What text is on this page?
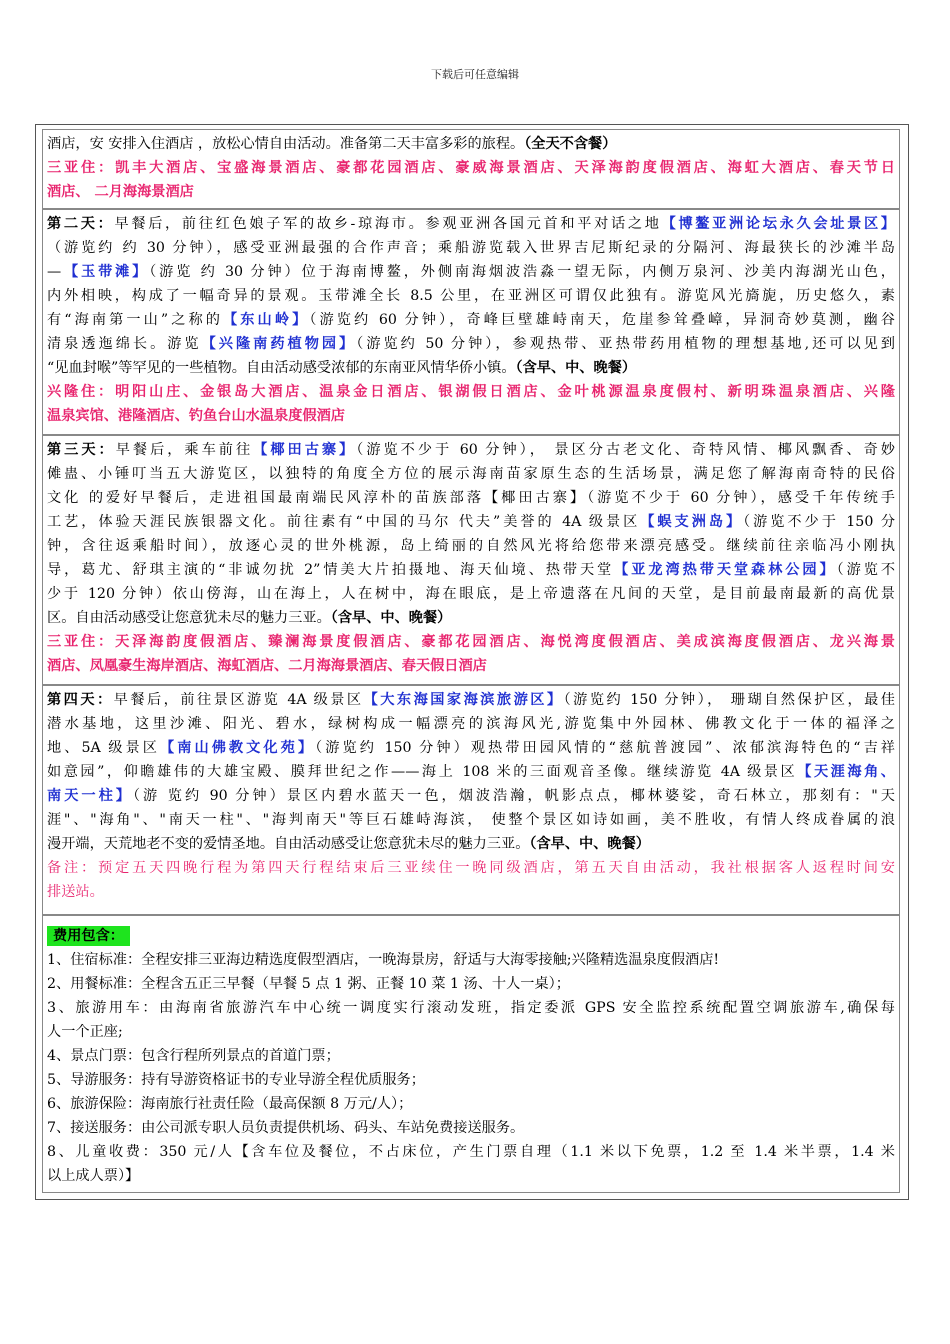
下载后可任意编辑
酒店，安 安排入住酒店 ，放松心情自由活动。准备第二天丰富多彩的旅程。（全天不含餐）
三亚住：凯丰大酒店、宝盛海景酒店、豪都花园酒店、豪威海景酒店、天泽海韵度假酒店、海虹大酒店、春天节日
酒店、 二月海海景酒店
第二天：早餐后，前往红色娘子军的故乡-琼海市。参观亚洲各国元首和平对话之地【博鳌亚洲论坛永久会址景区】
（游览约 约 30 分钟），感受亚洲最强的合作声音；乘船游览载入世界吉尼斯纪录的分隔河、海最狭长的沙滩半岛
—【玉带滩】（游览 约 30 分钟）位于海南博鳌，外侧南海烟波浩淼一望无际，内侧万泉河、沙美内海湖光山色，
内外相映，构成了一幅奇异的景观。玉带滩全长 8.5 公里，在亚洲区可谓仅此独有。游览风光旖旎，历史悠久，素
有“海南第一山”之称的【东山岭】（游览约 60 分钟），奇峰巨壁雄峙南天，危崖参耸叠嶂，异洞奇妙莫测，幽谷
清泉透迤绵长。游览【兴隆南药植物园】（游览约 50 分钟），参观热带、亚热带药用植物的理想基地,还可以见到
“见血封喉”等罕见的一些植物。自由活动感受浓郁的东南亚风情华侨小镇。（含早、中、晚餐）
兴隆住：明阳山庄、金银岛大酒店、温泉金日酒店、银湖假日酒店、金叶桃源温泉度假村、新明珠温泉酒店、兴隆
温泉宾馆、港隆酒店、钓鱼台山水温泉度假酒店
第三天：早餐后，乘车前往【椰田古寨】（游览不少于 60 分钟）， 景区分古老文化、奇特风情、椰风飘香、奇妙
傩蛊、小锤叮当五大游览区，以独特的角度全方位的展示海南苗家原生态的生活场景，满足您了解海南奇特的民俗
文化 的爱好早餐后，走进祖国最南端民风淳朴的苗族部落【椰田古寨】（游览不少于 60 分钟），感受千年传统手
工艺，体验天涯民族银器文化。前往素有“中国的马尔 代夫”美誉的 4A 级景区【蜈支洲岛】（游览不少于 150 分
钟，含往返乘船时间），放逐心灵的世外桃源，岛上绮丽的自然风光将给您带来漂亮感受。继续前往亲临冯小刚执
导，葛尤、舒琪主演的“非诚勿扰 2”情美大片拍摄地、海天仙境、热带天堂【亚龙湾热带天堂森林公园】（游览不
少于 120 分钟）依山傍海，山在海上，人在树中，海在眼底，是上帝遗落在凡间的天堂，是目前最南最新的高优景
区。自由活动感受让您意犹未尽的魅力三亚。（含早、中、晚餐）
三亚住：天泽海韵度假酒店、臻澜海景度假酒店、豪都花园酒店、海悦湾度假酒店、美成滨海度假酒店、龙兴海景
酒店、凤凰豪生海岸酒店、海虹酒店、二月海海景酒店、春天假日酒店
第四天：早餐后，前往景区游览 4A 级景区【大东海国家海滨旅游区】（游览约 150 分钟）， 珊瑚自然保护区，最佳
潜水基地，这里沙滩、阳光、碧水，绿树构成一幅漂亮的滨海风光,游览集中外园林、佛教文化于一体的福泽之
地、5A 级景区【南山佛教文化苑】（游览约 150 分钟）观热带田园风情的“慈航普渡园”、浓郁滨海特色的“吉祥
如意园”，仰瞻雄伟的大雄宝殿、膜拜世纪之作——海上 108 米的三面观音圣像。继续游览 4A 级景区【天涯海角、
南天一柱】（游 览约 90 分钟）景区内碧水蓝天一色，烟波浩瀚，帆影点点，椰林婆娑，奇石林立，那刻有："天
涯"、"海角"、"南天一柱"、"海判南天"等巨石雄峙海滨， 使整个景区如诗如画，美不胜收，有情人终成眷属的浪
漫开端，天荒地老不变的爱情圣地。自由活动感受让您意犹未尽的魅力三亚。（含早、中、晚餐）
备注：预定五天四晚行程为第四天行程结束后三亚续住一晚同级酒店，第五天自由活动，我社根据客人返程时间安
排送站。
费用包含：
1、住宿标准：全程安排三亚海边精选度假型酒店，一晚海景房，舒适与大海零接触;兴隆精选温泉度假酒店!
2、用餐标准：全程含五正三早餐（早餐 5 点 1 粥、正餐 10 菜 1 汤、十人一桌）；
3、旅游用车：由海南省旅游汽车中心统一调度实行滚动发班，指定委派 GPS 安全监控系统配置空调旅游车,确保每
人一个正座;
4、景点门票：包含行程所列景点的首道门票；
5、导游服务：持有导游资格证书的专业导游全程优质服务；
6、旅游保险：海南旅行社责任险（最高保额 8 万元/人）；
7、接送服务：由公司派专职人员负责提供机场、码头、车站免费接送服务。
8、儿童收费：350 元/人【含车位及餐位，不占床位，产生门票自理（1.1 米以下免票，1.2 至 1.4 米半票，1.4 米
以上成人票）】
